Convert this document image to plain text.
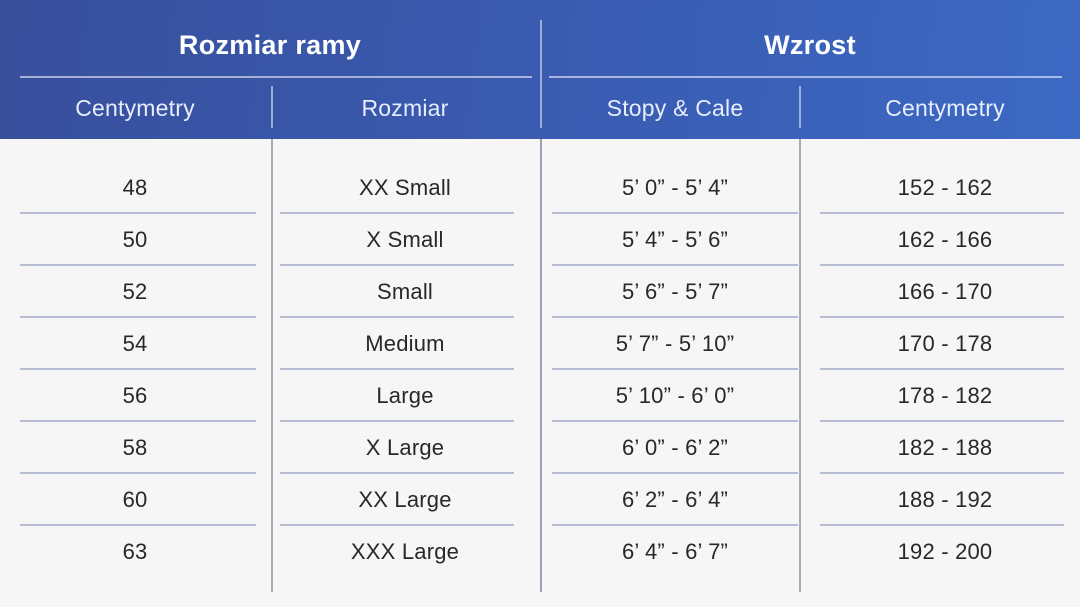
Rozmiar ramy
Centymetry	Rozmiar
Wzrost
Stopy & Cale	Centymetry
48	XX Small	5’ 0” - 5’ 4”	152 - 162
50	X Small	5’ 4” - 5’ 6”	162 - 166
52	Small	5’ 6” - 5’ 7”	166 - 170
54	Medium	5’ 7” - 5’ 10”	170 - 178
56	Large	5’ 10” - 6’ 0”	178 - 182
58	X Large	6’ 0” - 6’ 2”	182 - 188
60	XX Large	6’ 2” - 6’ 4”	188 - 192
63	XXX Large	6’ 4” - 6’ 7”	192 - 200
